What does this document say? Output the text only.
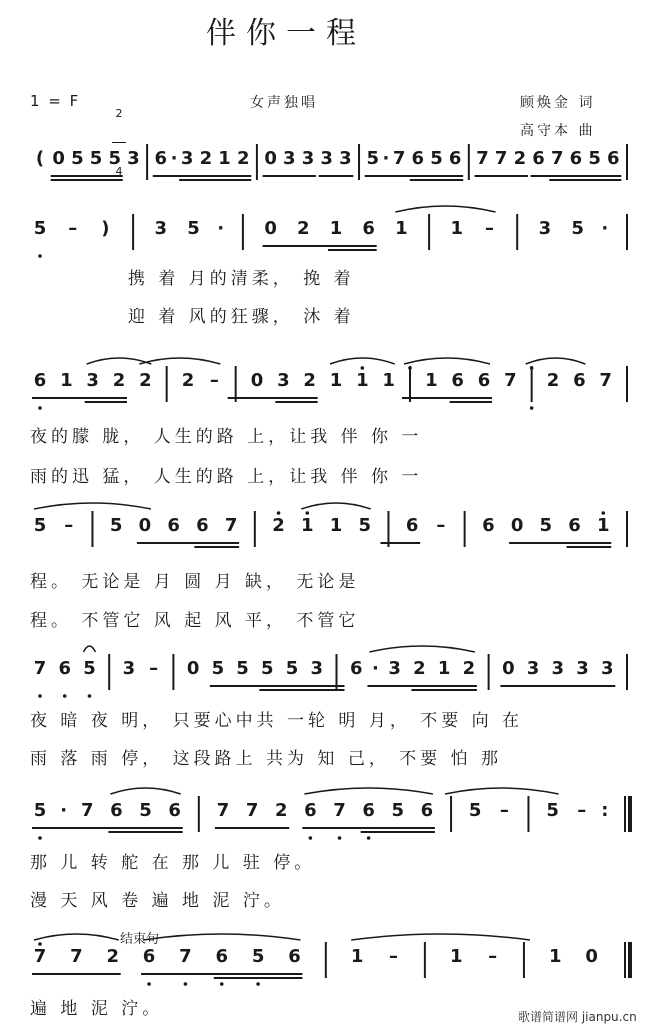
伴你一程
1 = F

2

4

女声独唱	顾焕金 词
高守本 曲
结束句
歌谱简谱网 jianpu.cn
( 0 5 5 5 3 6 · 3 2 1 2 0 3 3 3 3 5 · 7 6 5 6 7 7 2 6 7 6 5 6
5	–	)	3 5 ·	0 2 1 6 1 1	–	3 5 ·
携 着 月的清柔， 挽 着
迎 着 风的狂骤， 沐 着
6 1 3 2 2 2 –	0 3 2 1 1 1 1 6 6 7 2 6 7
夜的朦 胧， 人生的路 上，让我 伴 你 一
雨的迅 猛， 人生的路 上，让我 伴 你 一
5 –	5 0 6 6 7 2 1 1 5 6 –	6 0 5 6 1
程。 无论是 月 圆 月 缺， 无论是
程。 不管它 风 起 风 平， 不管它
7 6 5 3 –	0 5 5 5 5 3 6 · 3 2 1 2 0 3 3 3 3
夜 暗 夜 明， 只要心中共 一轮 明 月， 不要 向 在
雨 落 雨 停， 这段路上 共为 知 己， 不要 怕 那
5 · 7 6 5 6 7 7 2 6 7 6 5 6 5	–	5	– :
那 儿 转 舵 在 那 儿 驻 停。
漫 天 风 卷 遍 地 泥 泞。
7 7 2 6 7 6 5 6	1	–	1	–	1 0
遍 地 泥 泞。
